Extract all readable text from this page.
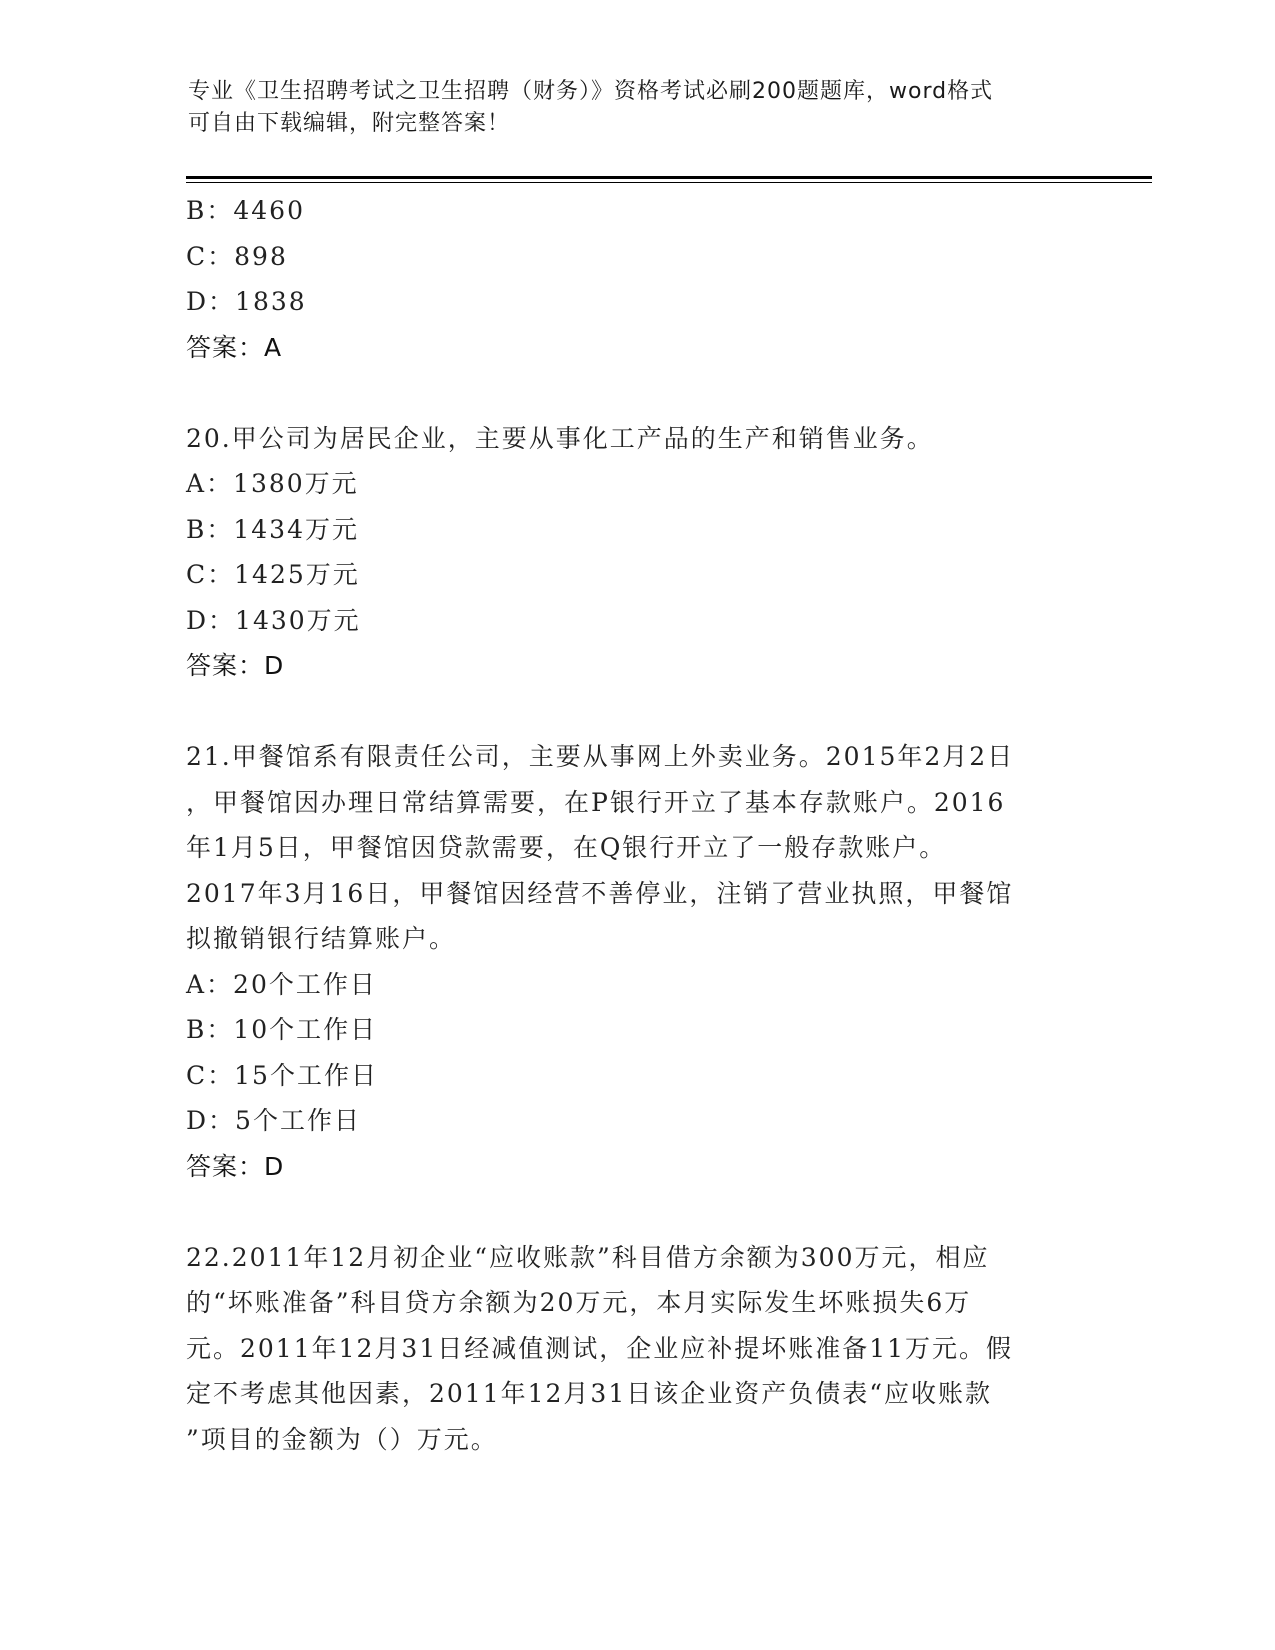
专业《卫生招聘考试之卫生招聘（财务）》资格考试必刷200题题库，word格式
可自由下载编辑，附完整答案！
B：4460
C：898
D：1838
答案：A
20.甲公司为居民企业，主要从事化工产品的生产和销售业务。
A：1380万元
B：1434万元
C：1425万元
D：1430万元
答案：D
21.甲餐馆系有限责任公司，主要从事网上外卖业务。2015年2月2日
，甲餐馆因办理日常结算需要，在P银行开立了基本存款账户。2016
年1月5日，甲餐馆因贷款需要，在Q银行开立了一般存款账户。
2017年3月16日，甲餐馆因经营不善停业，注销了营业执照，甲餐馆
拟撤销银行结算账户。
A：20个工作日
B：10个工作日
C：15个工作日
D：5个工作日
答案：D
22.2011年12月初企业“应收账款”科目借方余额为300万元，相应
的“坏账准备”科目贷方余额为20万元，本月实际发生坏账损失6万
元。2011年12月31日经减值测试，企业应补提坏账准备11万元。假
定不考虑其他因素，2011年12月31日该企业资产负债表“应收账款
”项目的金额为（）万元。
